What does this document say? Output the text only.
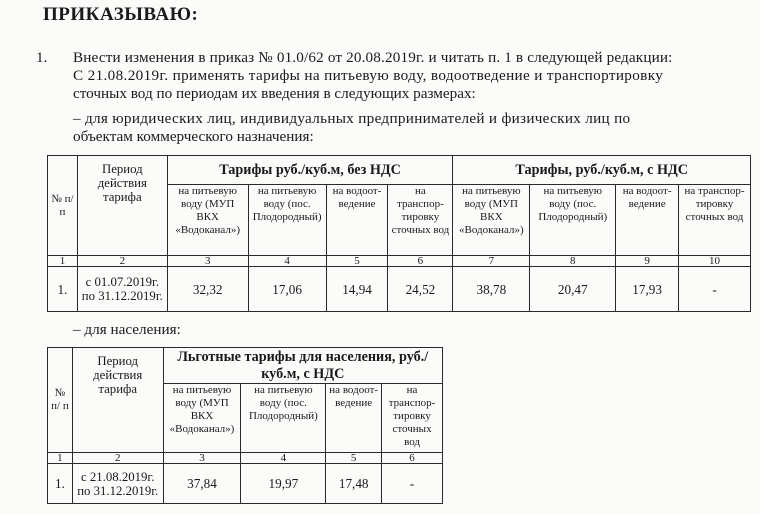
ПРИКАЗЫВАЮ:
1. Внести изменения в приказ № 01.0/62 от 20.08.2019г. и читать п. 1 в следующей редакции:
С 21.08.2019г. применять тарифы на питьевую воду, водоотведение и транспортировку
сточных вод по периодам их введения в следующих размерах:
– для юридических лиц, индивидуальных предпринимателей и физических лиц по
объектам коммерческого назначения:
№ п/ п	Период действия тарифа	Тарифы руб./куб.м, без НДС				Тарифы, руб./куб.м, с НДС			
		на питьевую воду (МУП ВКХ «Водоканал»)	на питьевую воду (пос. Плодородный)	на водоот-ведение	на транспор-тировку сточных вод	на питьевую воду (МУП ВКХ «Водоканал»)	на питьевую воду (пос. Плодородный)	на водоот-ведение	на транспор-тировку сточных вод
1	2	3	4	5	6	7	8	9	10
1.	с 01.07.2019г. по 31.12.2019г.	32,32	17,06	14,94	24,52	38,78	20,47	17,93	-
– для населения:
№ п/ п	Период действия тарифа	Льготные тарифы для населения, руб./куб.м, с НДС			
		на питьевую воду (МУП ВКХ «Водоканал»)	на питьевую воду (пос. Плодородный)	на водоот-ведение	на транспор-тировку сточных вод
1	2	3	4	5	6
1.	с 21.08.2019г. по 31.12.2019г.	37,84	19,97	17,48	-
